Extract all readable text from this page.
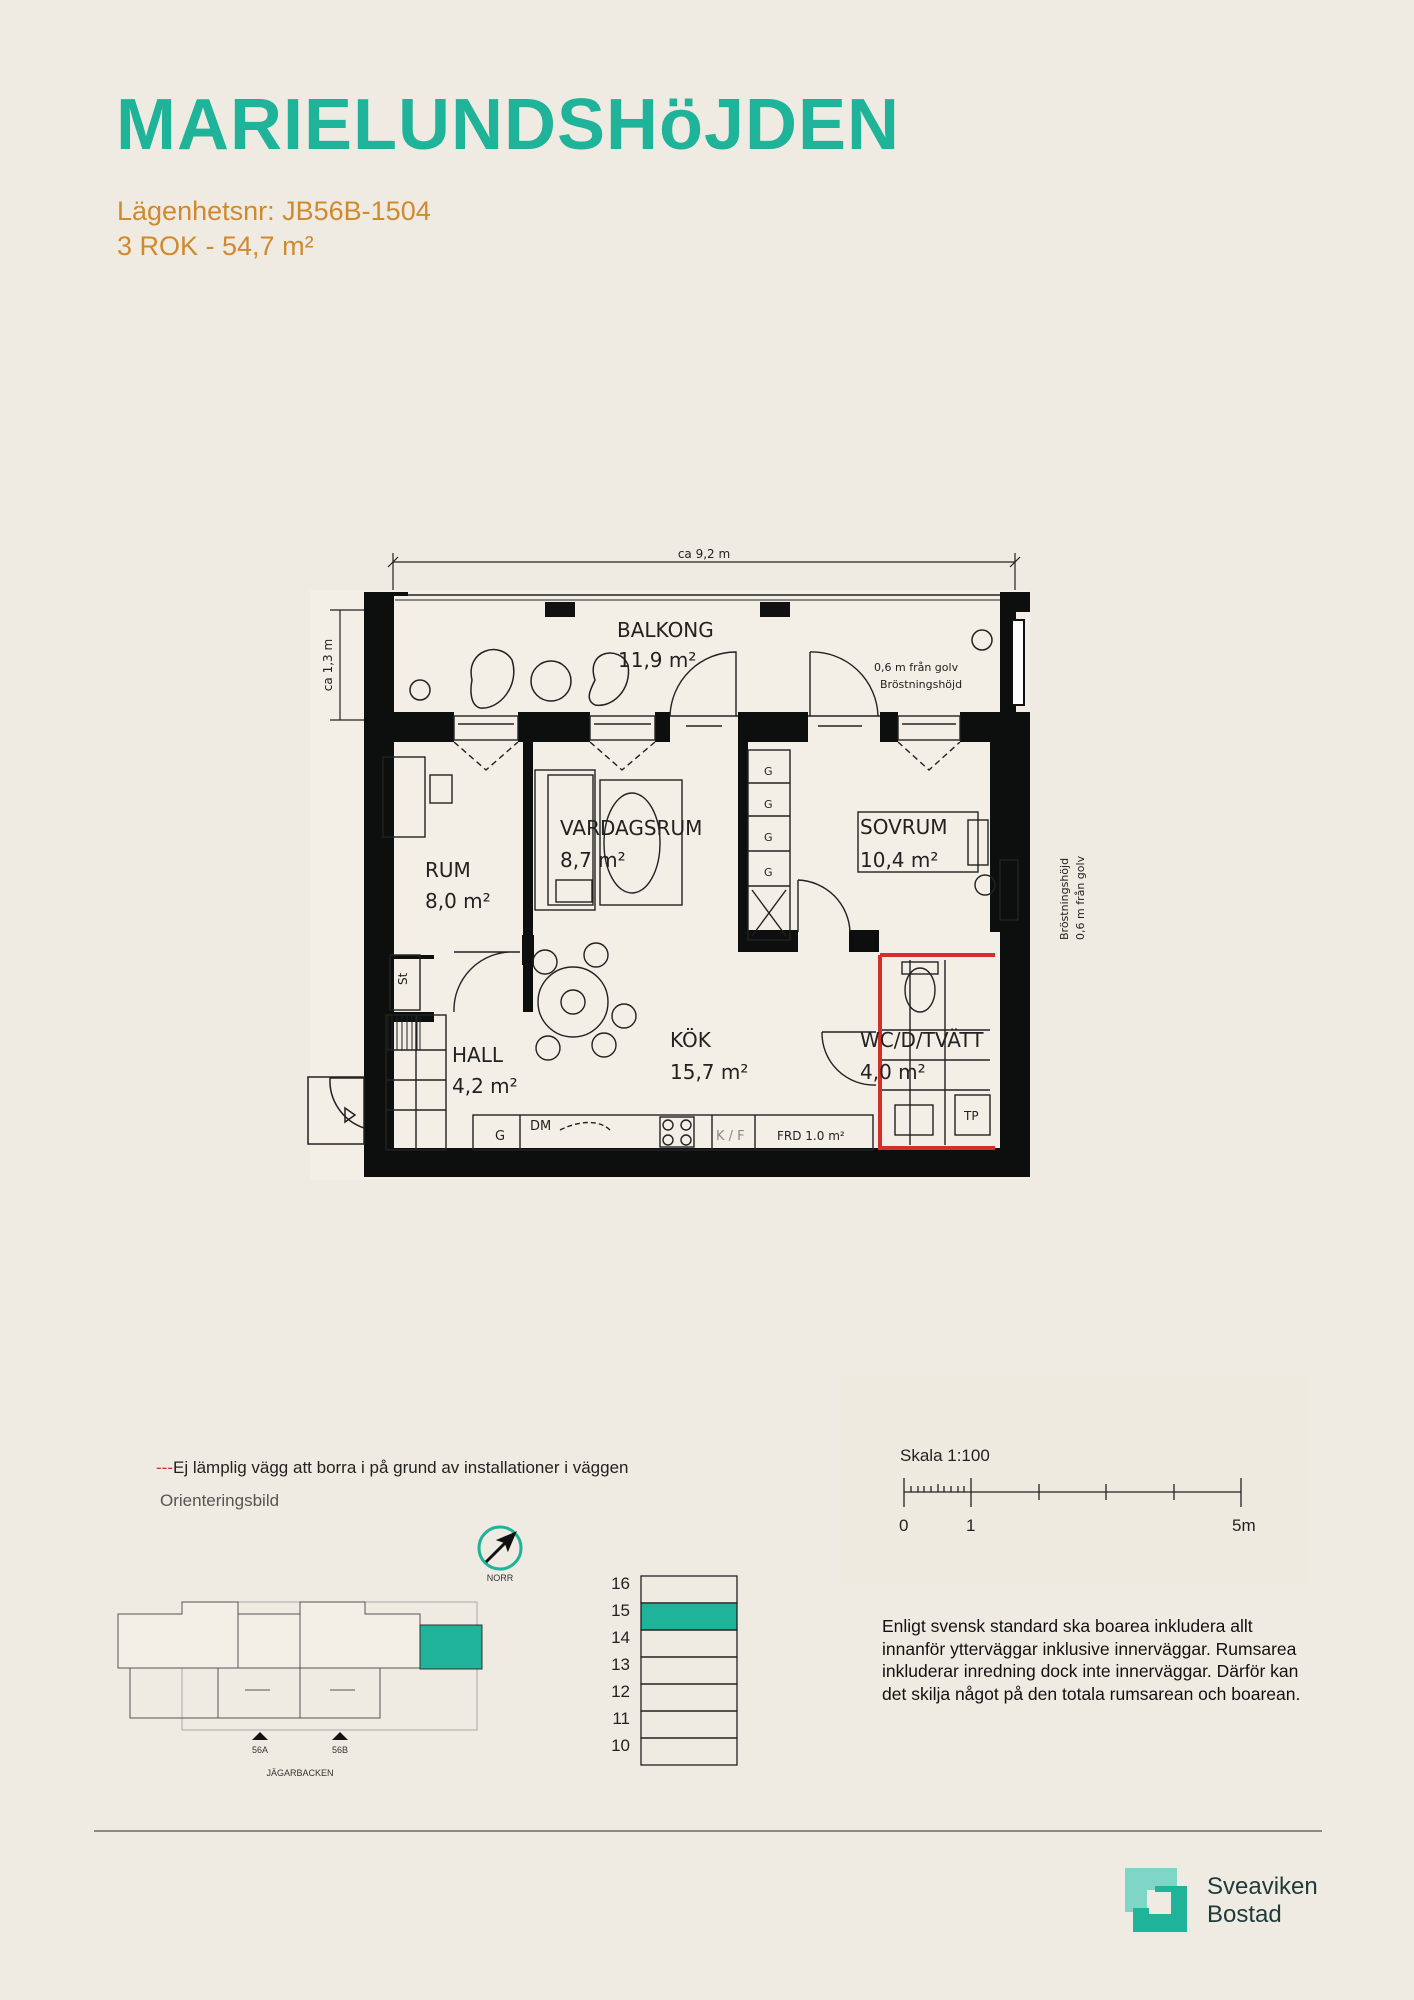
MARIELUNDSHöJDEN
Lägenhetsnr: JB56B-1504
3 ROK - 54,7 m²
ca 9,2 m
ca 1,3 m
St
BALKONG
11,9 m²
VARDAGSRUM
8,7 m²
SOVRUM
10,4 m²
RUM
8,0 m²
HALL
4,2 m²
KÖK
15,7 m²
WC/D/TVÄTT
4,0 m²
0,6 m från golv
Bröstningshöjd
Bröstningshöjd 0,6 m från golv
G
G
G
G
G
DM
K / F	FRD 1.0 m²
TP
---Ej lämplig vägg att borra i på grund av installationer i väggen
Orienteringsbild
NORR
56A	56B
JÄGARBACKEN
16
15
14
13
12
11
10
Skala 1:100
0	1	5m
Enligt svensk standard ska boarea inkludera allt innanför ytterväggar inklusive innerväggar. Rumsarea inkluderar inredning dock inte innerväggar. Därför kan det skilja något på den totala rumsarean och boarean.
Sveaviken
Bostad
